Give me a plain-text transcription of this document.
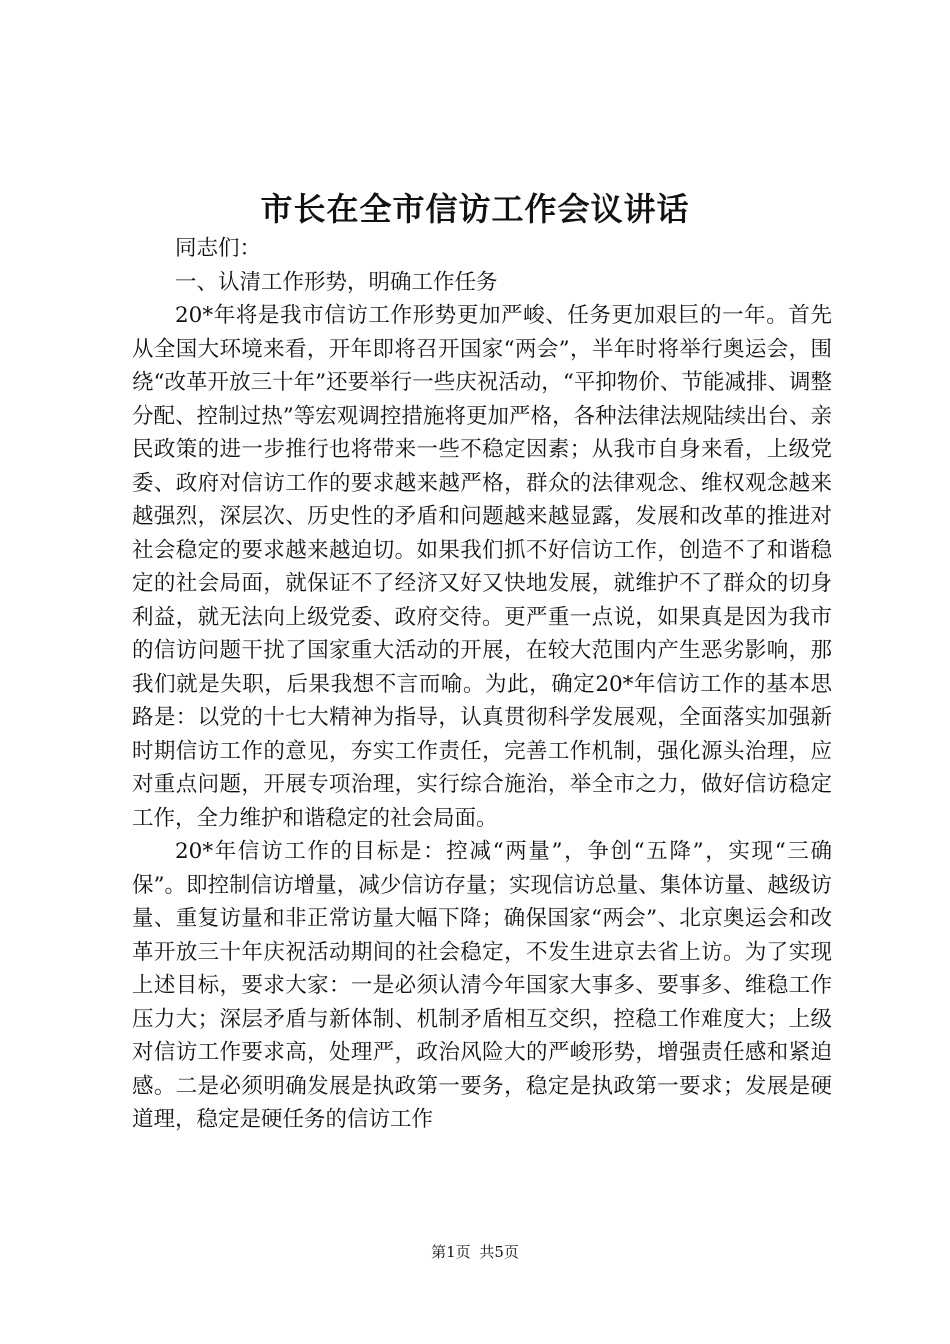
市长在全市信访工作会议讲话

同志们：

一、认清工作形势，明确工作任务

20*年将是我市信访工作形势更加严峻、任务更加艰巨的一年。首先从全国大环境来看，开年即将召开国家“两会”，半年时将举行奥运会，围绕“改革开放三十年”还要举行一些庆祝活动，“平抑物价、节能减排、调整分配、控制过热”等宏观调控措施将更加严格，各种法律法规陆续出台、亲民政策的进一步推行也将带来一些不稳定因素；从我市自身来看，上级党委、政府对信访工作的要求越来越严格，群众的法律观念、维权观念越来越强烈，深层次、历史性的矛盾和问题越来越显露，发展和改革的推进对社会稳定的要求越来越迫切。如果我们抓不好信访工作，创造不了和谐稳定的社会局面，就保证不了经济又好又快地发展，就维护不了群众的切身利益，就无法向上级党委、政府交待。更严重一点说，如果真是因为我市的信访问题干扰了国家重大活动的开展，在较大范围内产生恶劣影响，那我们就是失职，后果我想不言而喻。为此，确定20*年信访工作的基本思路是：以党的十七大精神为指导，认真贯彻科学发展观，全面落实加强新时期信访工作的意见，夯实工作责任，完善工作机制，强化源头治理，应对重点问题，开展专项治理，实行综合施治，举全市之力，做好信访稳定工作，全力维护和谐稳定的社会局面。

20*年信访工作的目标是：控减“两量”，争创“五降”，实现“三确保”。即控制信访增量，减少信访存量；实现信访总量、集体访量、越级访量、重复访量和非正常访量大幅下降；确保国家“两会”、北京奥运会和改革开放三十年庆祝活动期间的社会稳定，不发生进京去省上访。为了实现上述目标，要求大家：一是必须认清今年国家大事多、要事多、维稳工作压力大；深层矛盾与新体制、机制矛盾相互交织，控稳工作难度大；上级对信访工作要求高，处理严，政治风险大的严峻形势，增强责任感和紧迫感。二是必须明确发展是执政第一要务，稳定是执政第一要求；发展是硬道理，稳定是硬任务的信访工作

第1页 共5页
